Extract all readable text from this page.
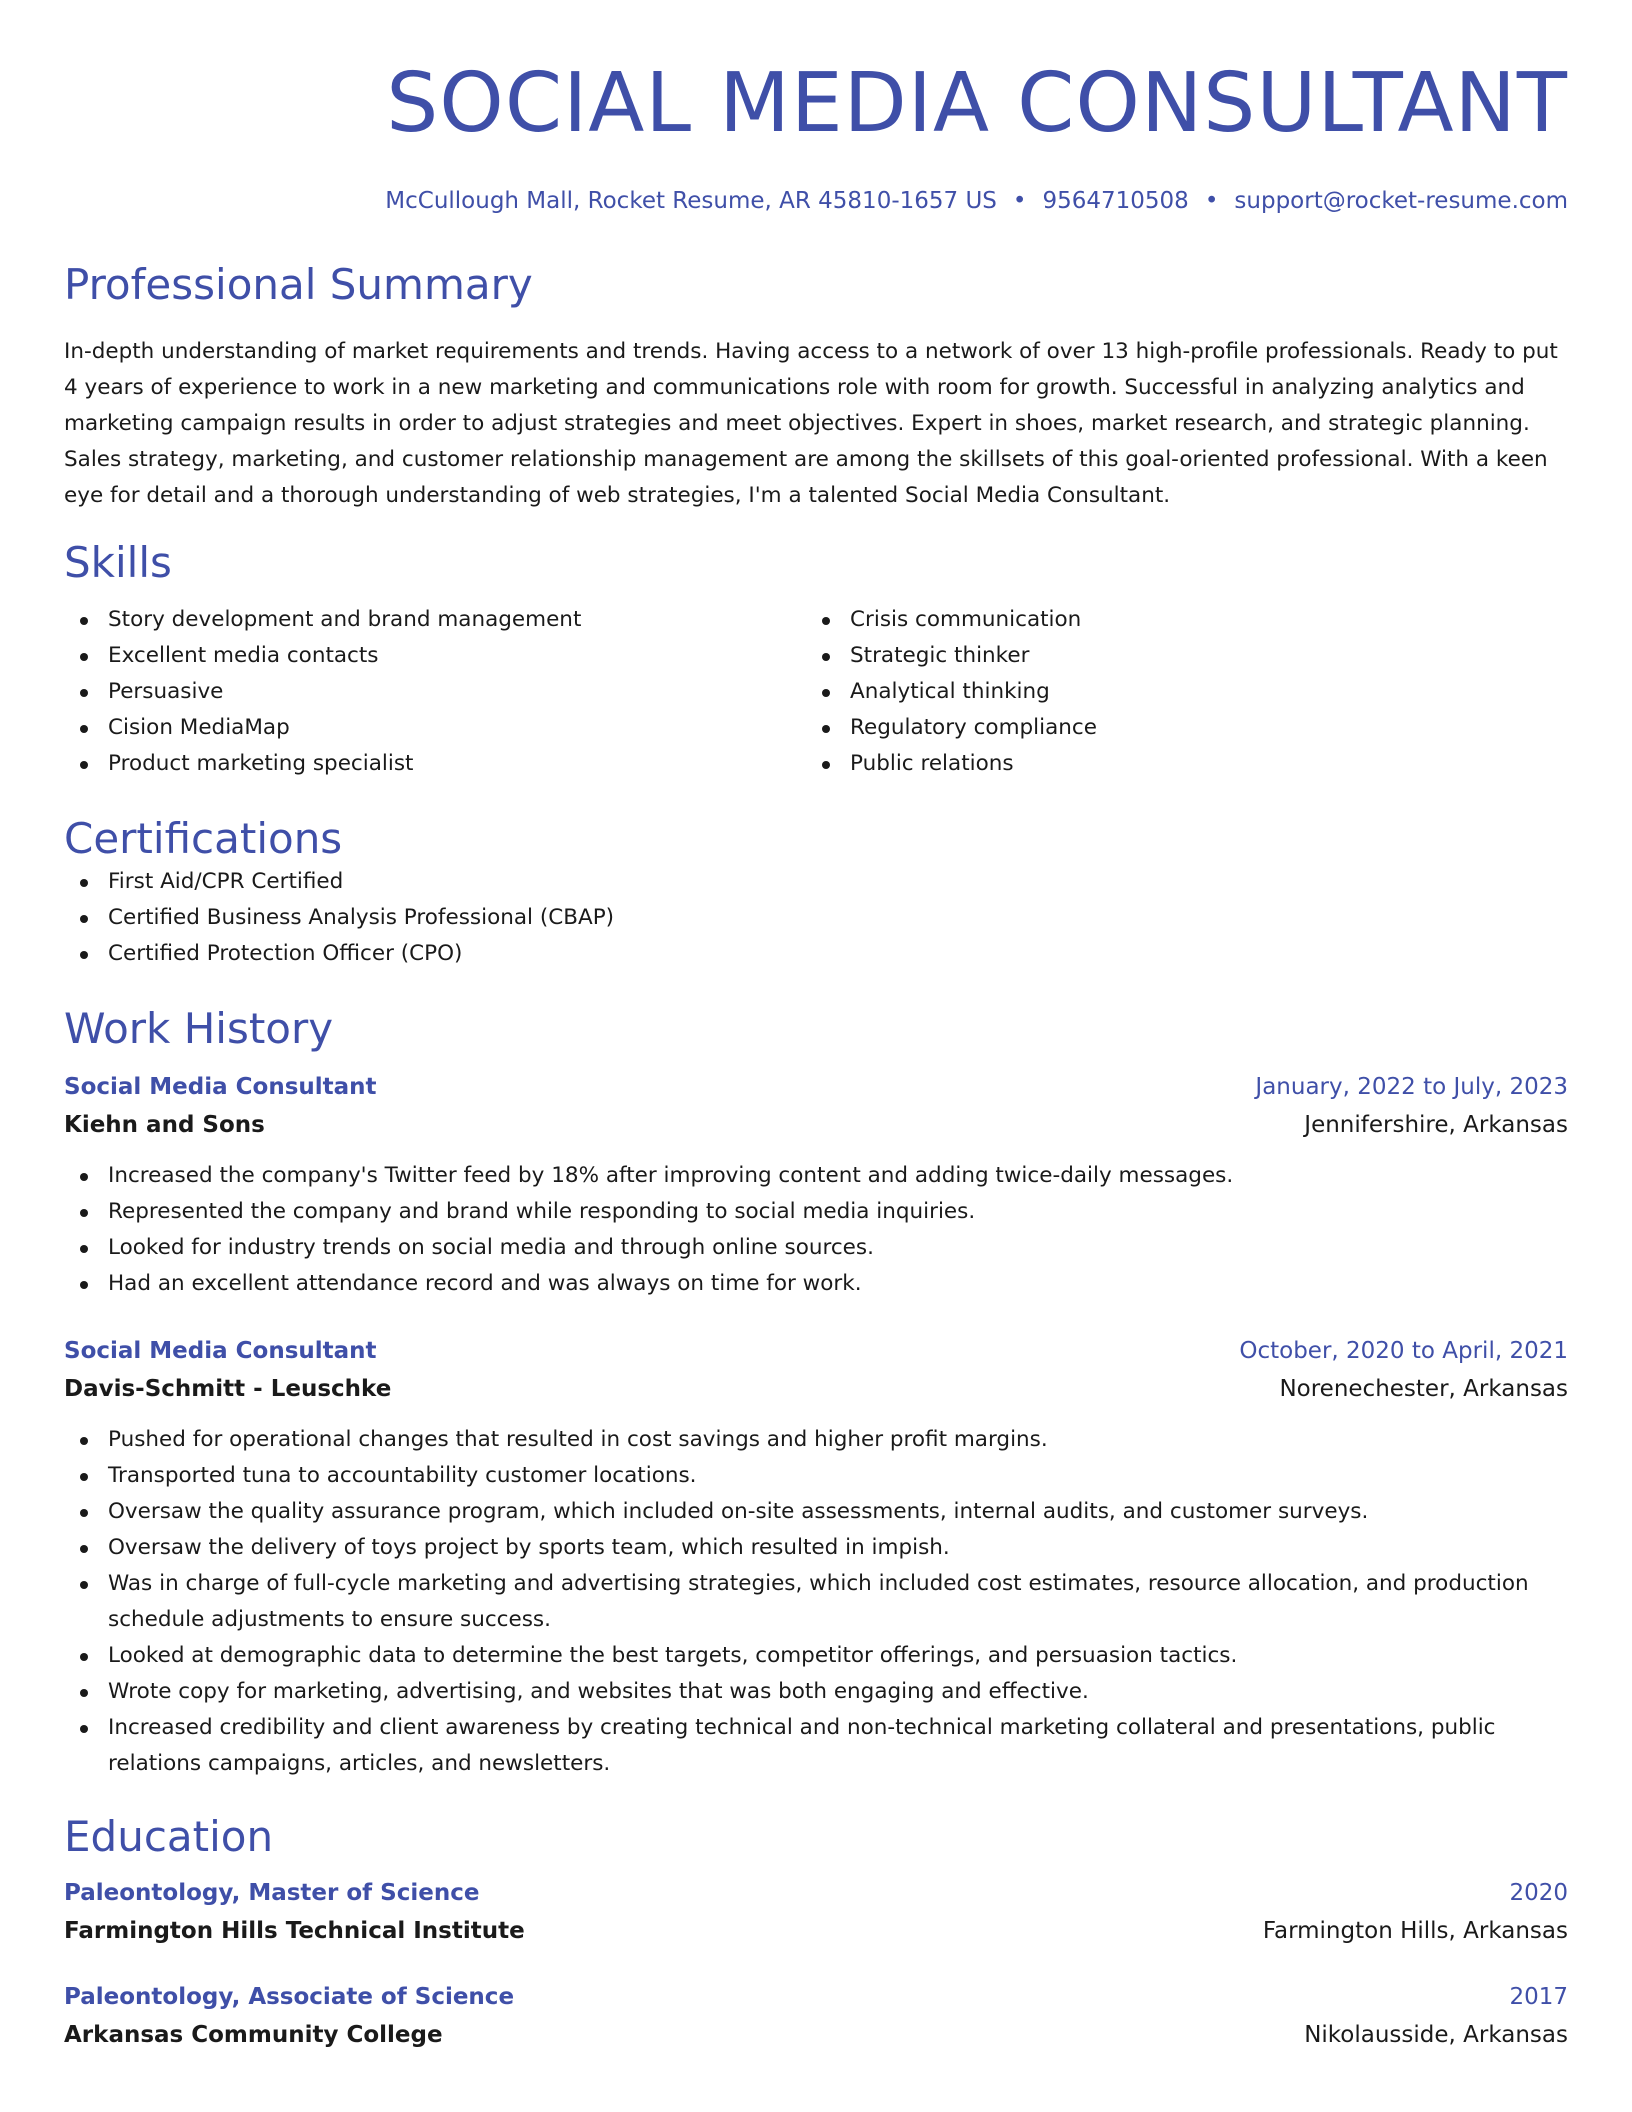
SOCIAL MEDIA CONSULTANT
McCullough Mall, Rocket Resume, AR 45810-1657 US • 9564710508 • support@rocket-resume.com
Professional Summary

In-depth understanding of market requirements and trends. Having access to a network of over 13 high-profile professionals. Ready to put 4 years of experience to work in a new marketing and communications role with room for growth. Successful in analyzing analytics and marketing campaign results in order to adjust strategies and meet objectives. Expert in shoes, market research, and strategic planning. Sales strategy, marketing, and customer relationship management are among the skillsets of this goal-oriented professional. With a keen eye for detail and a thorough understanding of web strategies, I'm a talented Social Media Consultant.

Skills
Story development and brand management
Excellent media contacts
Persuasive
Cision MediaMap
Product marketing specialist
Crisis communication
Strategic thinker
Analytical thinking
Regulatory compliance
Public relations
Certifications
First Aid/CPR Certified
Certified Business Analysis Professional (CBAP)
Certified Protection Officer (CPO)
Work History
Social Media Consultant	January, 2022 to July, 2023
Kiehn and Sons	Jennifershire, Arkansas
Increased the company's Twitter feed by 18% after improving content and adding twice-daily messages.
Represented the company and brand while responding to social media inquiries.
Looked for industry trends on social media and through online sources.
Had an excellent attendance record and was always on time for work.
Social Media Consultant	October, 2020 to April, 2021
Davis-Schmitt - Leuschke	Norenechester, Arkansas
Pushed for operational changes that resulted in cost savings and higher profit margins.
Transported tuna to accountability customer locations.
Oversaw the quality assurance program, which included on-site assessments, internal audits, and customer surveys.
Oversaw the delivery of toys project by sports team, which resulted in impish.
Was in charge of full-cycle marketing and advertising strategies, which included cost estimates, resource allocation, and production schedule adjustments to ensure success.
Looked at demographic data to determine the best targets, competitor offerings, and persuasion tactics.
Wrote copy for marketing, advertising, and websites that was both engaging and effective.
Increased credibility and client awareness by creating technical and non-technical marketing collateral and presentations, public relations campaigns, articles, and newsletters.
Education
Paleontology, Master of Science	2020
Farmington Hills Technical Institute	Farmington Hills, Arkansas
Paleontology, Associate of Science	2017
Arkansas Community College	Nikolausside, Arkansas
